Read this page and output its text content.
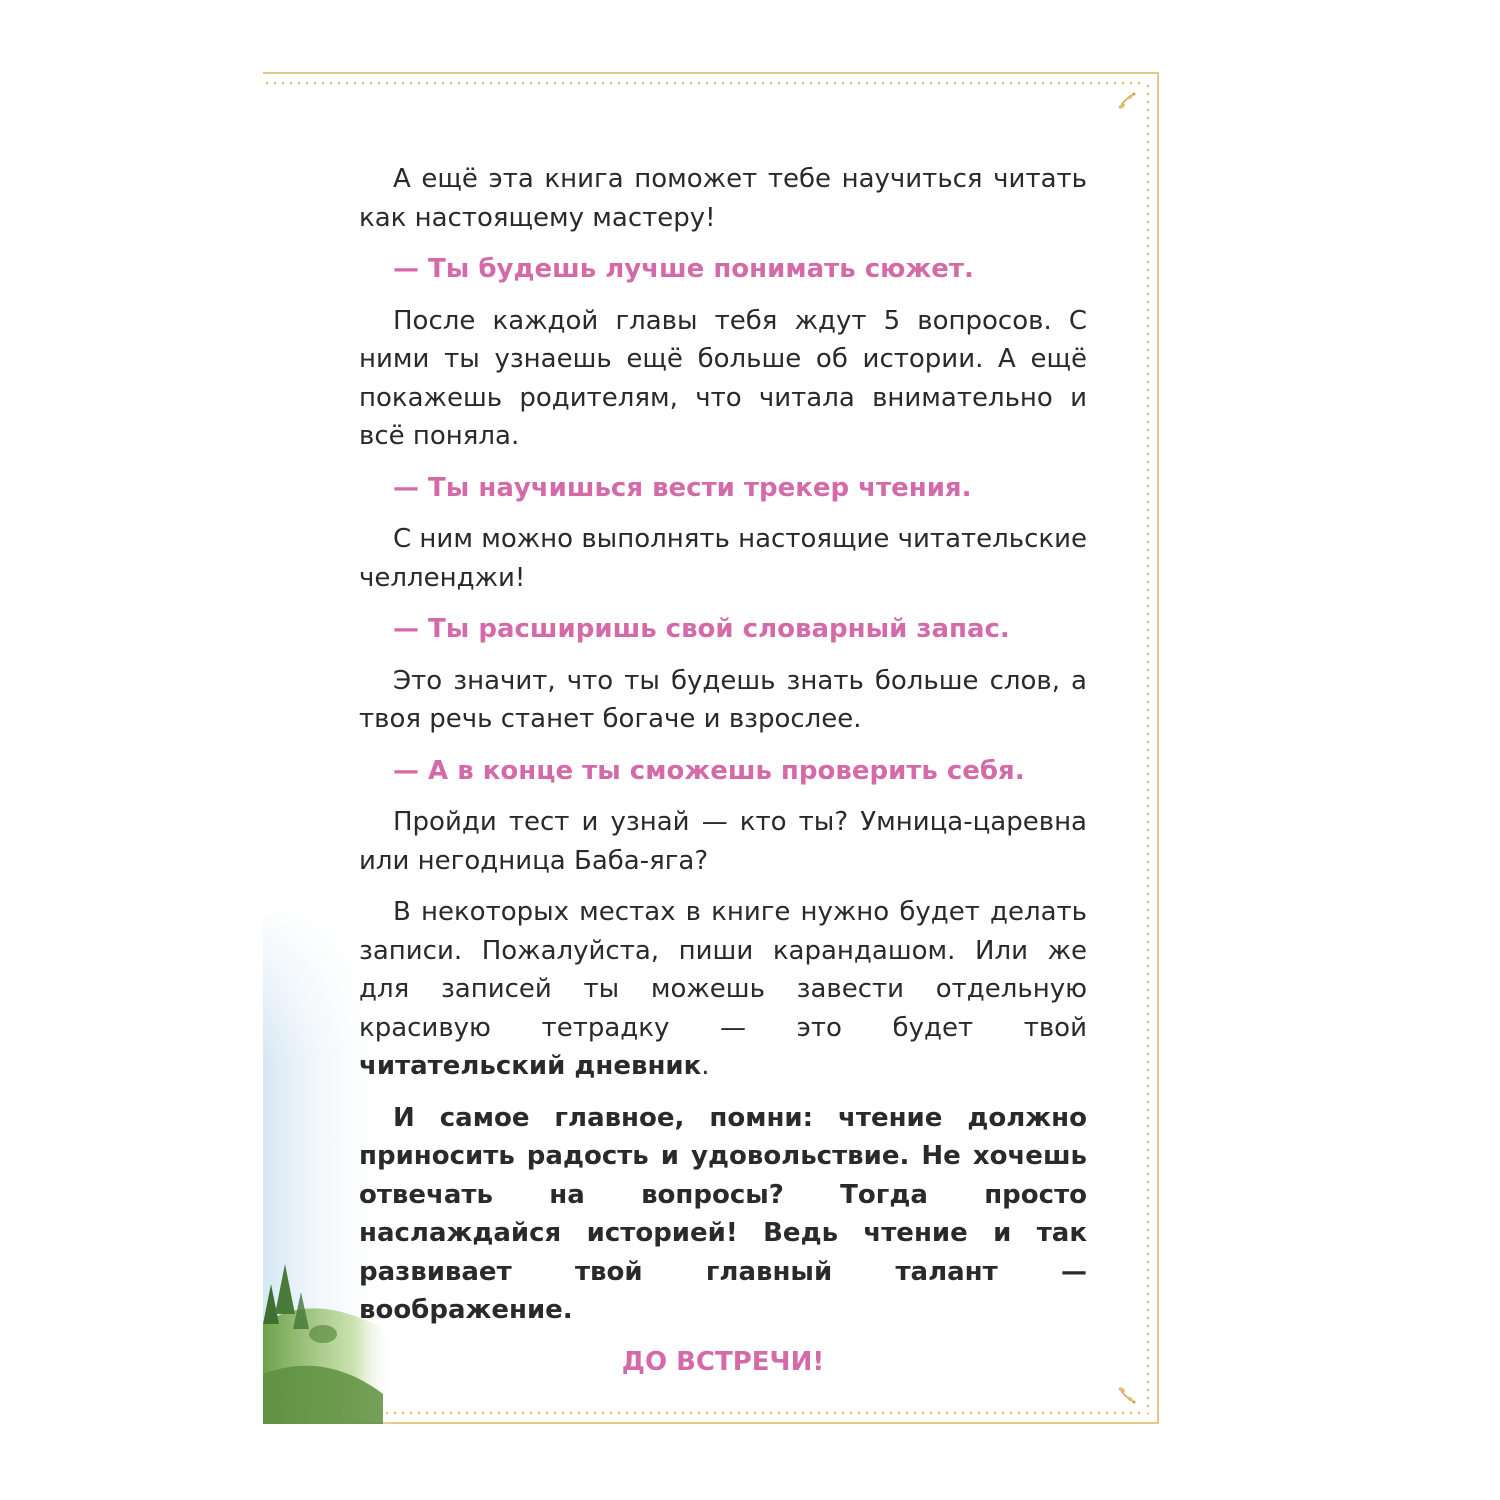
А ещё эта книга поможет тебе научиться читать как настоящему мастеру!

— Ты будешь лучше понимать сюжет.

После каждой главы тебя ждут 5 вопросов. С ними ты узнаешь ещё больше об истории. А ещё покажешь родителям, что читала внимательно и всё поняла.

— Ты научишься вести трекер чтения.

С ним можно выполнять настоящие читательские челленджи!

— Ты расширишь свой словарный запас.

Это значит, что ты будешь знать больше слов, а твоя речь станет богаче и взрослее.

— А в конце ты сможешь проверить себя.

Пройди тест и узнай — кто ты? Умница-царевна или негодница Баба-яга?

В некоторых местах в книге нужно будет делать записи. Пожалуйста, пиши карандашом. Или же для записей ты можешь завести отдельную красивую тетрадку — это будет твой читательский дневник.

И самое главное, помни: чтение должно приносить радость и удовольствие. Не хочешь отвечать на вопросы? Тогда просто наслаждайся историей! Ведь чтение и так развивает твой главный талант — воображение.

ДО ВСТРЕЧИ!
